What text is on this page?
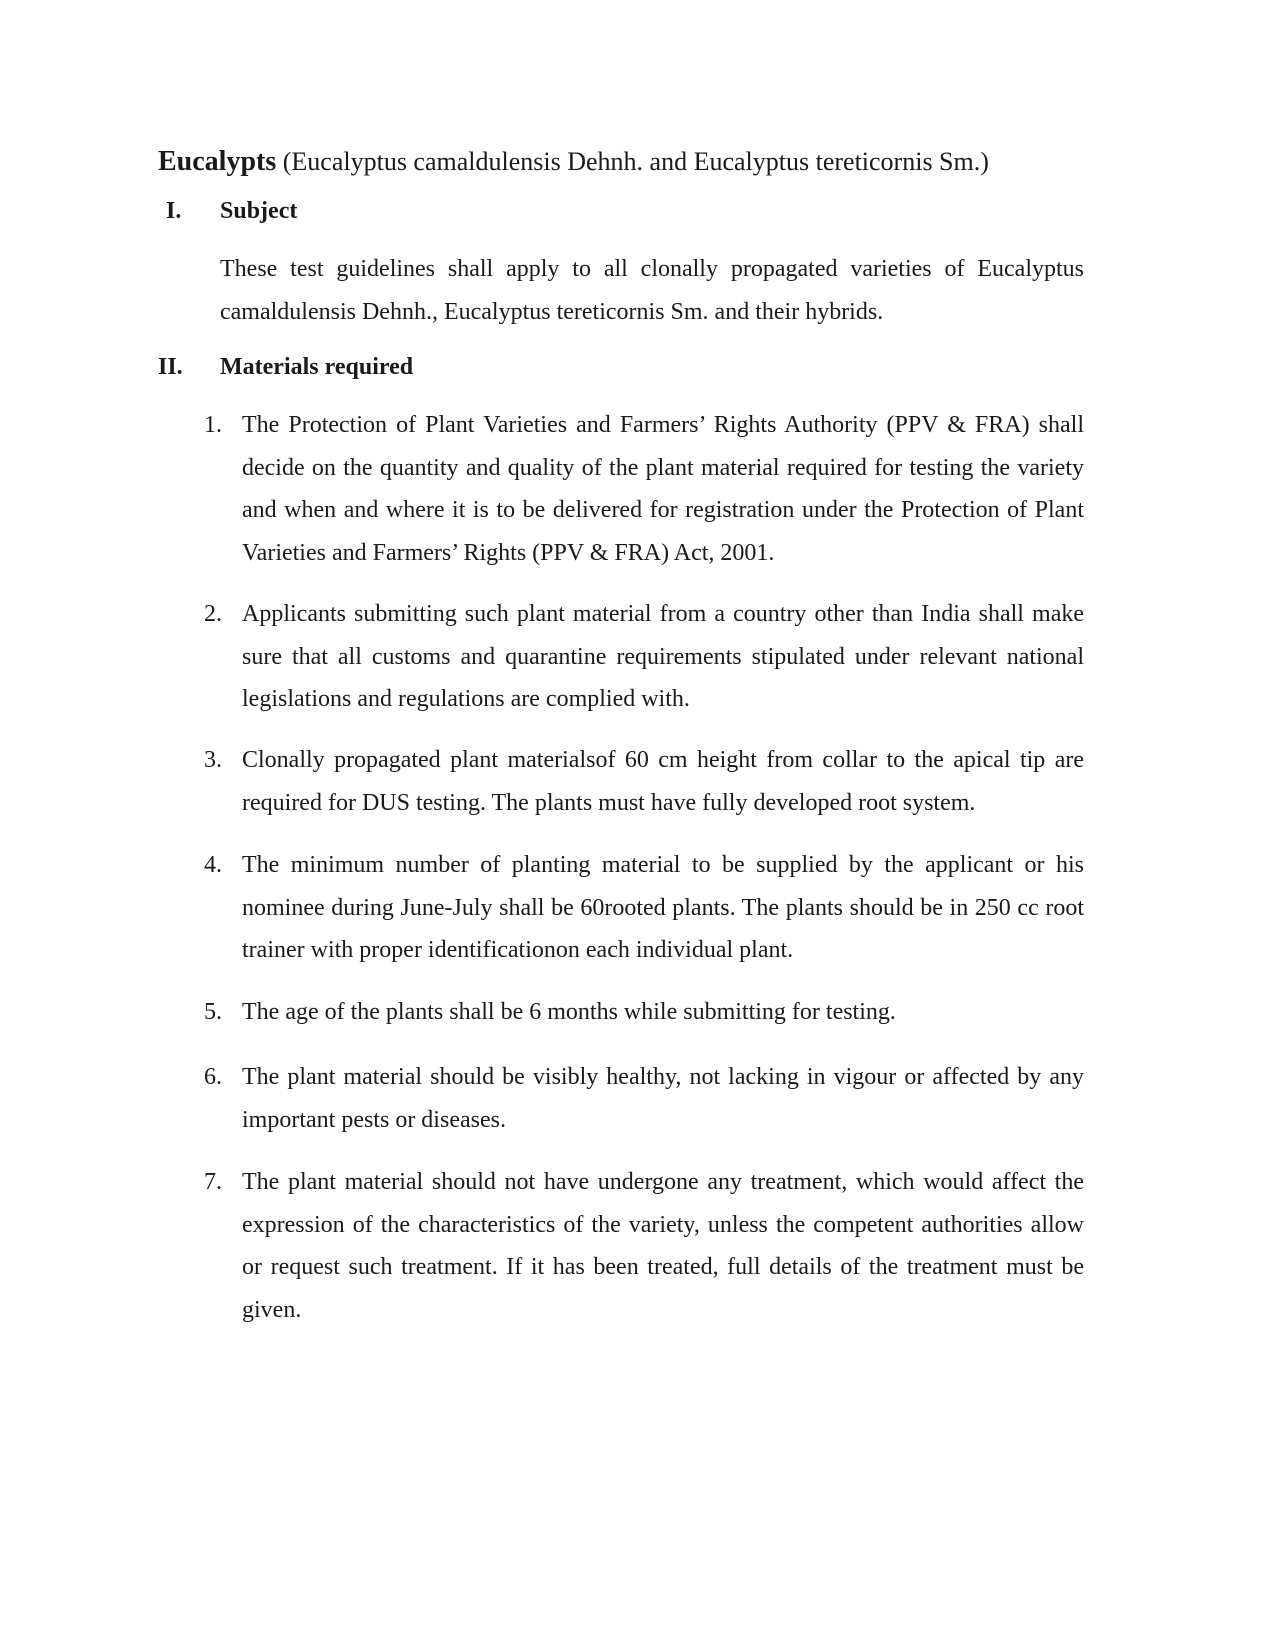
Eucalypts (Eucalyptus camaldulensis Dehnh. and Eucalyptus tereticornis Sm.)
I. Subject
These test guidelines shall apply to all clonally propagated varieties of Eucalyptus camaldulensis Dehnh., Eucalyptus tereticornis Sm. and their hybrids.
II. Materials required
1. The Protection of Plant Varieties and Farmers’ Rights Authority (PPV & FRA) shall decide on the quantity and quality of the plant material required for testing the variety and when and where it is to be delivered for registration under the Protection of Plant Varieties and Farmers’ Rights (PPV & FRA) Act, 2001.
2. Applicants submitting such plant material from a country other than India shall make sure that all customs and quarantine requirements stipulated under relevant national legislations and regulations are complied with.
3. Clonally propagated plant materialsof 60 cm height from collar to the apical tip are required for DUS testing. The plants must have fully developed root system.
4. The minimum number of planting material to be supplied by the applicant or his nominee during June-July shall be 60rooted plants. The plants should be in 250 cc root trainer with proper identificationon each individual plant.
5. The age of the plants shall be 6 months while submitting for testing.
6. The plant material should be visibly healthy, not lacking in vigour or affected by any important pests or diseases.
7. The plant material should not have undergone any treatment, which would affect the expression of the characteristics of the variety, unless the competent authorities allow or request such treatment. If it has been treated, full details of the treatment must be given.
